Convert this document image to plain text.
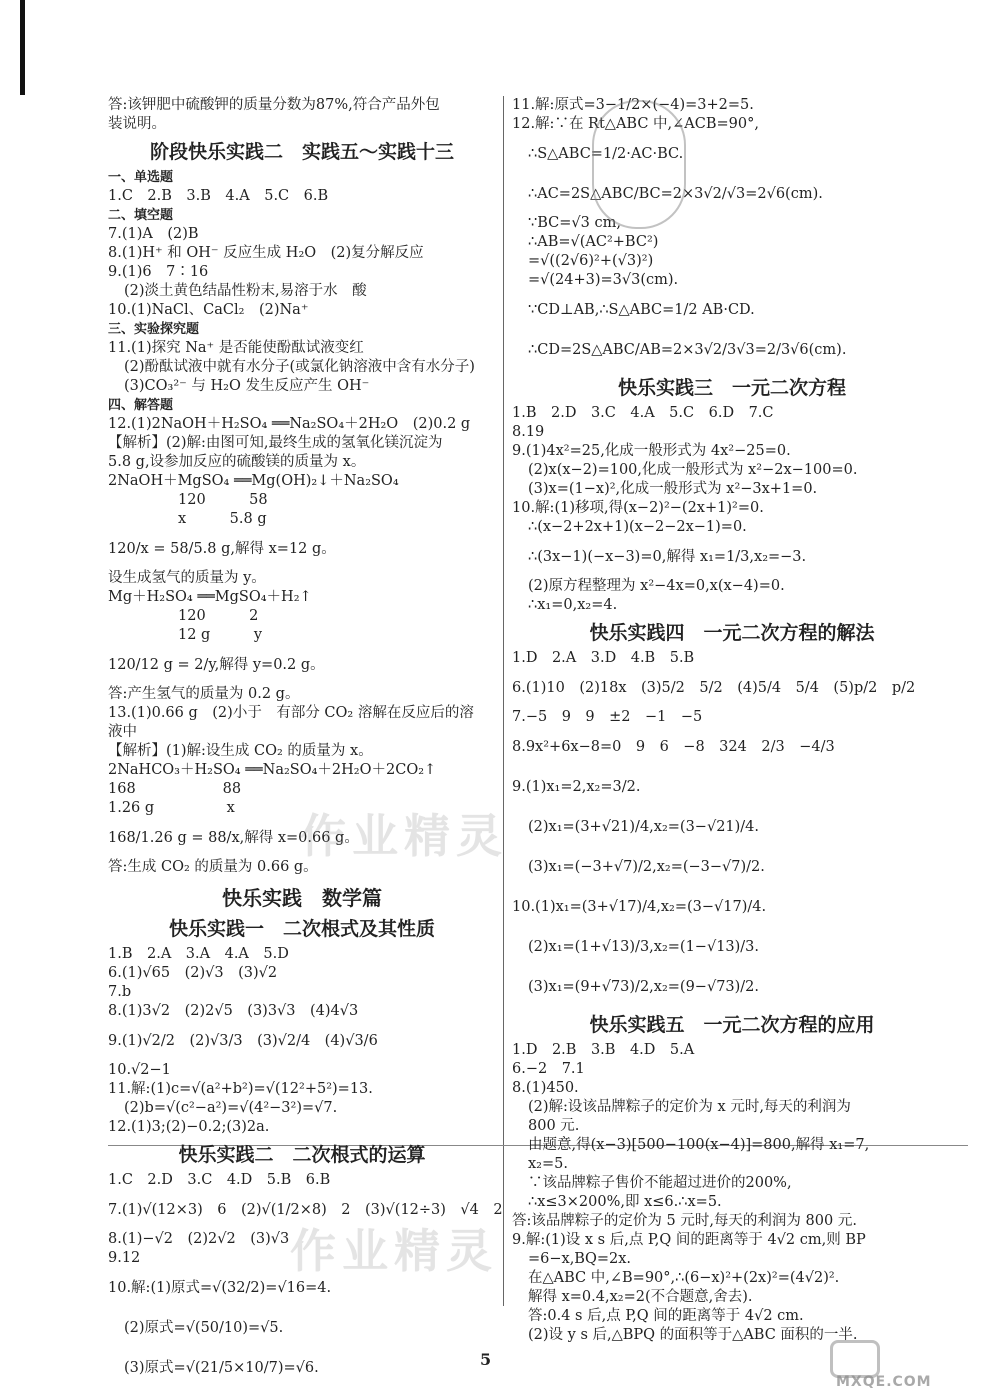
答:该钾肥中硫酸钾的质量分数为87%,符合产品外包
装说明。
阶段快乐实践二　实践五～实践十三
一、单选题
1.C　2.B　3.B　4.A　5.C　6.B
二、填空题
7.(1)A　(2)B
8.(1)H⁺ 和 OH⁻ 反应生成 H₂O　(2)复分解反应
9.(1)6　7∶16
(2)淡土黄色结晶性粉末,易溶于水　酸
10.(1)NaCl、CaCl₂　(2)Na⁺
三、实验探究题
11.(1)探究 Na⁺ 是否能使酚酞试液变红
(2)酚酞试液中就有水分子(或氯化钠溶液中含有水分子)
(3)CO₃²⁻ 与 H₂O 发生反应产生 OH⁻
四、解答题
12.(1)2NaOH＋H₂SO₄ ══Na₂SO₄＋2H₂O　(2)0.2 g
【解析】(2)解:由图可知,最终生成的氢氧化镁沉淀为
5.8 g,设参加反应的硫酸镁的质量为 x。
2NaOH＋MgSO₄ ══Mg(OH)₂↓＋Na₂SO₄
120　　　58
x　　　5.8 g
120/x = 58/5.8 g,解得 x=12 g。
设生成氢气的质量为 y。
Mg＋H₂SO₄ ══MgSO₄＋H₂↑
120　　　2
12 g　　　y
120/12 g = 2/y,解得 y=0.2 g。
答:产生氢气的质量为 0.2 g。
13.(1)0.66 g　(2)小于　有部分 CO₂ 溶解在反应后的溶
液中
【解析】(1)解:设生成 CO₂ 的质量为 x。
2NaHCO₃＋H₂SO₄ ══Na₂SO₄＋2H₂O＋2CO₂↑
168　　　　　　88
1.26 g　　　　　x
168/1.26 g = 88/x,解得 x=0.66 g。
答:生成 CO₂ 的质量为 0.66 g。
快乐实践　数学篇
快乐实践一　二次根式及其性质
1.B　2.A　3.A　4.A　5.D
6.(1)√65　(2)√3　(3)√2
7.b
8.(1)3√2　(2)2√5　(3)3√3　(4)4√3
9.(1)√2/2　(2)√3/3　(3)√2/4　(4)√3/6
10.√2−1
11.解:(1)c=√(a²+b²)=√(12²+5²)=13.
(2)b=√(c²−a²)=√(4²−3²)=√7.
12.(1)3;(2)−0.2;(3)2a.
快乐实践二　二次根式的运算
1.C　2.D　3.C　4.D　5.B　6.B
7.(1)√(12×3)　6　(2)√(1/2×8)　2　(3)√(12÷3)　√4　2
8.(1)−√2　(2)2√2　(3)√3
9.12
10.解:(1)原式=√(32/2)=√16=4.
(2)原式=√(50/10)=√5.
(3)原式=√(21/5×10/7)=√6.
11.解:原式=3−1/2×(−4)=3+2=5.
12.解:∵在 Rt△ABC 中,∠ACB=90°,
∴S△ABC=1/2·AC·BC.
∴AC=2S△ABC/BC=2×3√2/√3=2√6(cm).
∵BC=√3 cm,
∴AB=√(AC²+BC²)
=√((2√6)²+(√3)²)
=√(24+3)=3√3(cm).
∵CD⊥AB,∴S△ABC=1/2 AB·CD.
∴CD=2S△ABC/AB=2×3√2/3√3=2/3√6(cm).
快乐实践三　一元二次方程
1.B　2.D　3.C　4.A　5.C　6.D　7.C
8.19
9.(1)4x²=25,化成一般形式为 4x²−25=0.
(2)x(x−2)=100,化成一般形式为 x²−2x−100=0.
(3)x=(1−x)²,化成一般形式为 x²−3x+1=0.
10.解:(1)移项,得(x−2)²−(2x+1)²=0.
∴(x−2+2x+1)(x−2−2x−1)=0.
∴(3x−1)(−x−3)=0,解得 x₁=1/3,x₂=−3.
(2)原方程整理为 x²−4x=0,x(x−4)=0.
∴x₁=0,x₂=4.
快乐实践四　一元二次方程的解法
1.D　2.A　3.D　4.B　5.B
6.(1)10　(2)18x　(3)5/2　5/2　(4)5/4　5/4　(5)p/2　p/2
7.−5　9　9　±2　−1　−5
8.9x²+6x−8=0　9　6　−8　324　2/3　−4/3
9.(1)x₁=2,x₂=3/2.
(2)x₁=(3+√21)/4,x₂=(3−√21)/4.
(3)x₁=(−3+√7)/2,x₂=(−3−√7)/2.
10.(1)x₁=(3+√17)/4,x₂=(3−√17)/4.
(2)x₁=(1+√13)/3,x₂=(1−√13)/3.
(3)x₁=(9+√73)/2,x₂=(9−√73)/2.
快乐实践五　一元二次方程的应用
1.D　2.B　3.B　4.D　5.A
6.−2　7.1
8.(1)450.
(2)解:设该品牌粽子的定价为 x 元时,每天的利润为
800 元.
由题意,得(x−3)[500−100(x−4)]=800,解得 x₁=7,
x₂=5.
∵该品牌粽子售价不能超过进价的200%,
∴x≤3×200%,即 x≤6.∴x=5.
答:该品牌粽子的定价为 5 元时,每天的利润为 800 元.
9.解:(1)设 x s 后,点 P,Q 间的距离等于 4√2 cm,则 BP
=6−x,BQ=2x.
在△ABC 中,∠B=90°,∴(6−x)²+(2x)²=(4√2)².
解得 x=0.4,x₂=2(不合题意,舍去).
答:0.4 s 后,点 P,Q 间的距离等于 4√2 cm.
(2)设 y s 后,△BPQ 的面积等于△ABC 面积的一半.
作业精灵
作业精灵
5
MXQE.COM
